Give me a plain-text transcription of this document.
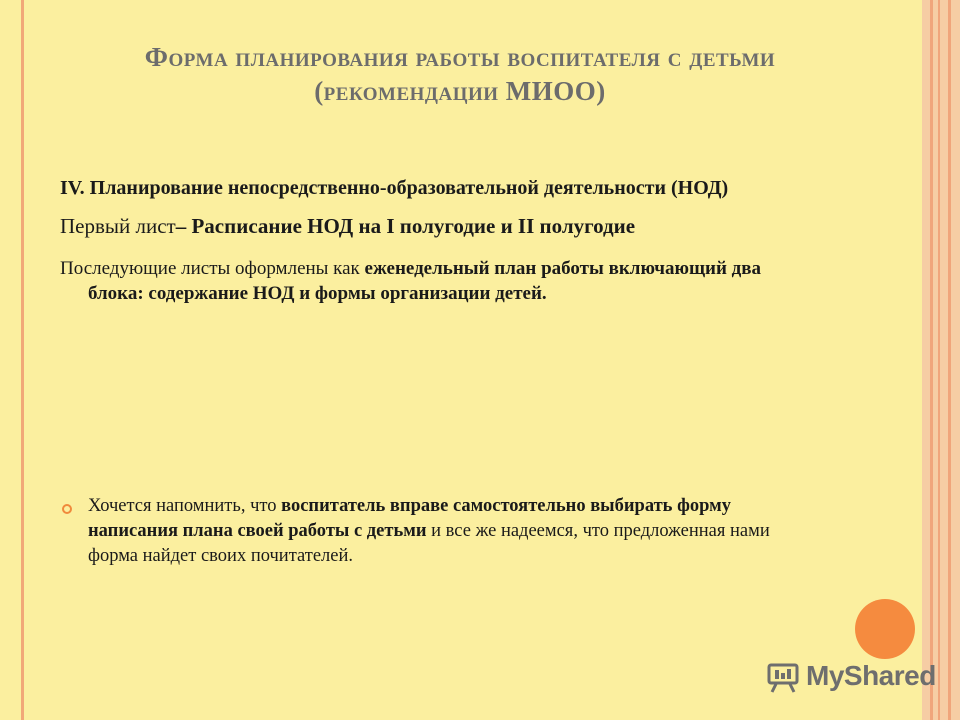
Форма планирования работы воспитателя с детьми
(рекомендации МИОО)
IV. Планирование непосредственно-образовательной деятельности (НОД)
Первый лист– Расписание НОД на I полугодие и II полугодие
Последующие листы оформлены как еженедельный план работы включающий два блока: содержание НОД и формы организации детей.
Хочется напомнить, что воспитатель вправе самостоятельно выбирать форму написания плана своей работы с детьми и все же надеемся, что предложенная нами форма найдет своих почитателей.
MyShared
